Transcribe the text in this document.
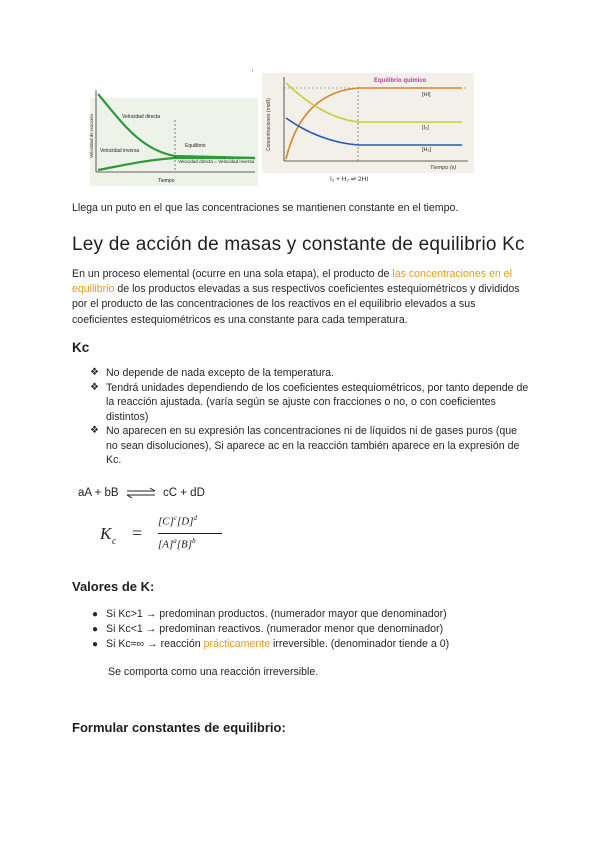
Velocidad de reacción	Velocidad directa
Velocidad inversa
Equilibrio
Velocidad directa = Velocidad inversa
Tiempo
'
Equilibrio químico
Concentraciones (mol/l)
[HI]
[I₂]
[H₂]
Tiempo (s)
I₂ + H₂ ⇌ 2HI
Llega un puto en el que las concentraciones se mantienen constante en el tiempo.
Ley de acción de masas y constante de equilibrio Kc
En un proceso elemental (ocurre en una sola etapa), el producto de las concentraciones en el equilibrio de los productos elevadas a sus respectivos coeficientes estequiométricos y divididos por el producto de las concentraciones de los reactivos en el equilibrio elevados a sus coeficientes estequiométricos es una constante para cada temperatura.
Kc
❖ No depende de nada excepto de la temperatura.
❖ Tendrá unidades dependiendo de los coeficientes estequiométricos, por tanto depende de la reacción ajustada. (varía según se ajuste con fracciones o no, o con coeficientes distintos)
❖ No aparecen en su expresión las concentraciones ni de líquidos ni de gases puros (que no sean disoluciones), Si aparece ac en la reacción también aparece en la expresión de Kc.
aA + bB ⇌ cC + dD
K c =
$[C]^c[D]^d$
$[A]^a[B]^b$
Valores de K:
● Si Kc>1 → predominan productos. (numerador mayor que denominador)
● Si Kc<1 → predominan reactivos. (numerador menor que denominador)
● Si Kc≈∞ → reacción prácticamente irreversible. (denominador tiende a 0)
Se comporta como una reacción irreversible.
Formular constantes de equilibrio:
